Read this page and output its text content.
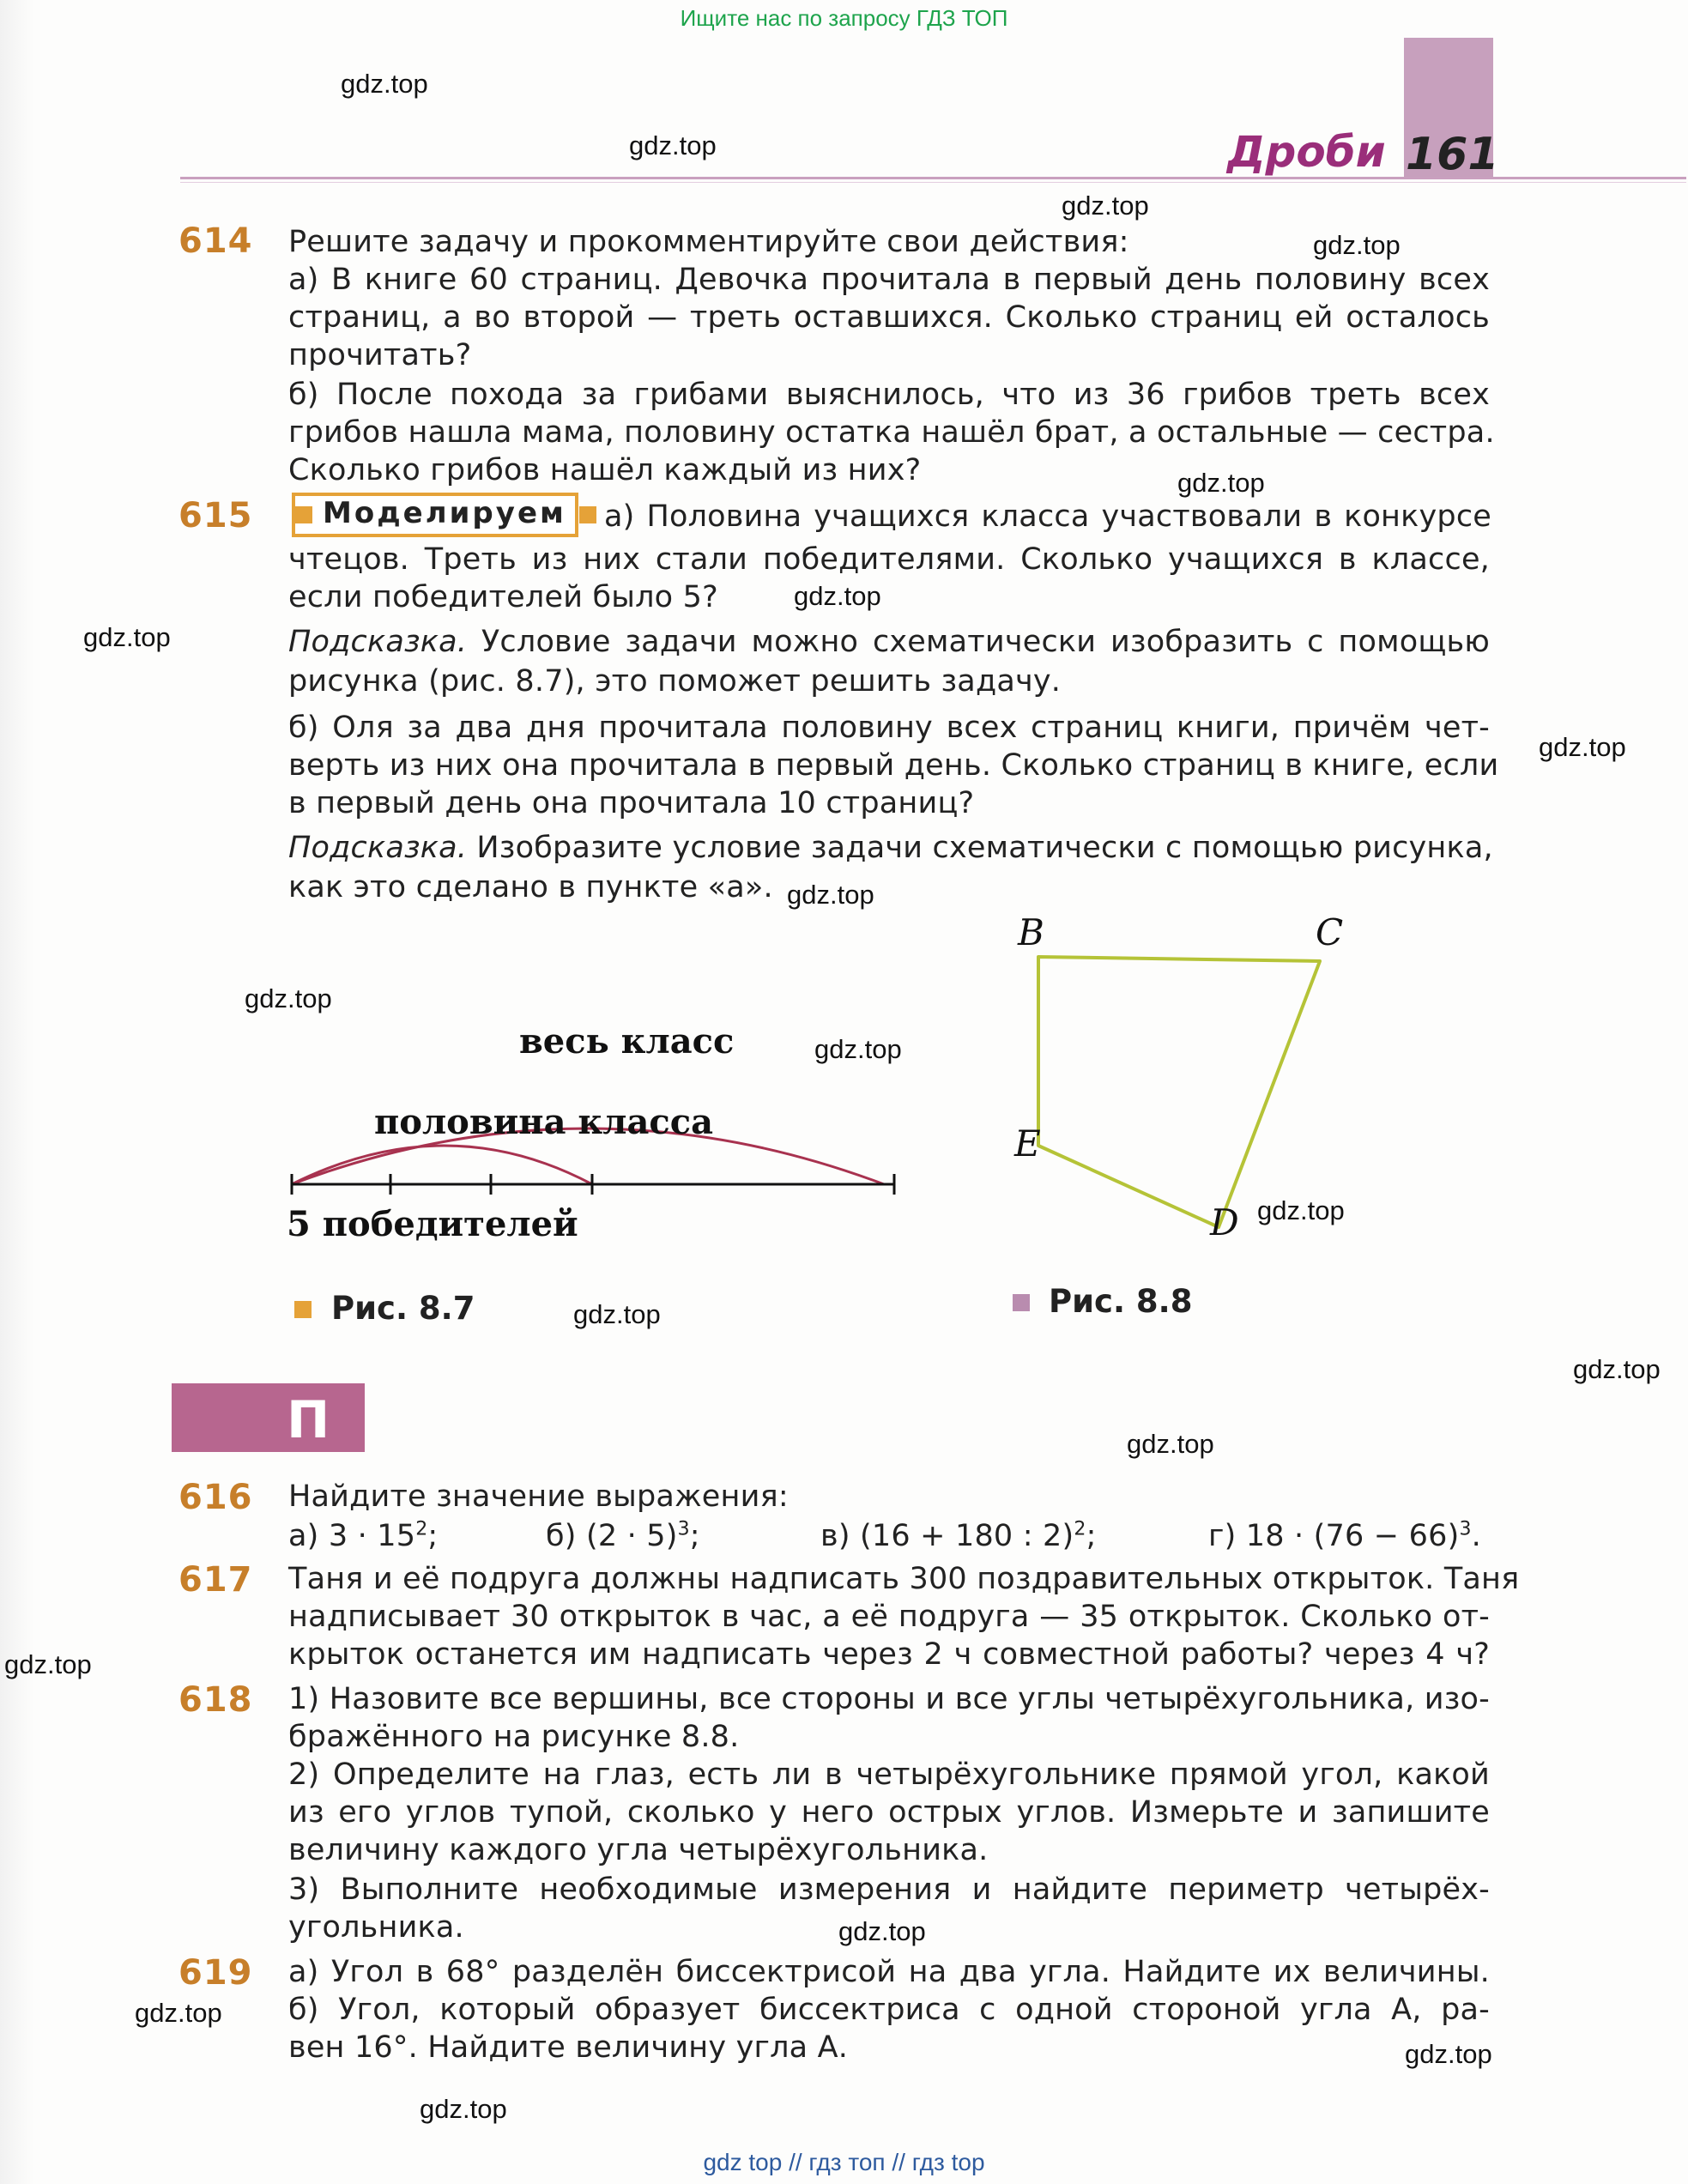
Ищите нас по запросу ГДЗ ТОП
Дроби 161
gdz.top
gdz.top
gdz.top
gdz.top
gdz.top
gdz.top
gdz.top
gdz.top
gdz.top
gdz.top
gdz.top
gdz.top
gdz.top
gdz.top
gdz.top
gdz.top
gdz.top
gdz.top
gdz.top
gdz.top
614 Решите задачу и прокомментируйте свои действия:
а) В книге 60 страниц. Девочка прочитала в первый день половину всех
страниц, а во второй — треть оставшихся. Сколько страниц ей осталось
прочитать?
б) После похода за грибами выяснилось, что из 36 грибов треть всех
грибов нашла мама, половину остатка нашёл брат, а остальные — сестра.
Сколько грибов нашёл каждый из них?
615 Моделируем а) Половина учащихся класса участвовали в конкурсе
чтецов. Треть из них стали победителями. Сколько учащихся в классе,
если победителей было 5?
Подсказка. Условие задачи можно схематически изобразить с помощью
рисунка (рис. 8.7), это поможет решить задачу.
б) Оля за два дня прочитала половину всех страниц книги, причём чет-
верть из них она прочитала в первый день. Сколько страниц в книге, если
в первый день она прочитала 10 страниц?
Подсказка. Изобразите условие задачи схематически с помощью рисунка,
как это сделано в пункте «а».
весь класс
половина класса
5 победителей
Рис. 8.7
B	C
E
D
Рис. 8.8
П
616 Найдите значение выражения:
а) $3 \cdot 15^2$;	б) $(2 \cdot 5)^3$;	в) (16 + 180 : 2)$^2$;	г) $18 \cdot (76 - 66)^3$.
617 Таня и её подруга должны надписать 300 поздравительных открыток. Таня
надписывает 30 открыток в час, а её подруга — 35 открыток. Сколько от-
крыток останется им надписать через 2 ч совместной работы? через 4 ч?
618 1) Назовите все вершины, все стороны и все углы четырёхугольника, изо-
бражённого на рисунке 8.8.
2) Определите на глаз, есть ли в четырёхугольнике прямой угол, какой
из его углов тупой, сколько у него острых углов. Измерьте и запишите
величину каждого угла четырёхугольника.
3) Выполните необходимые измерения и найдите периметр четырёх-
угольника.
619 а) Угол в 68° разделён биссектрисой на два угла. Найдите их величины.
б) Угол, который образует биссектриса с одной стороной угла А, ра-
вен 16°. Найдите величину угла А.
gdz top // гдз топ // гдз top
